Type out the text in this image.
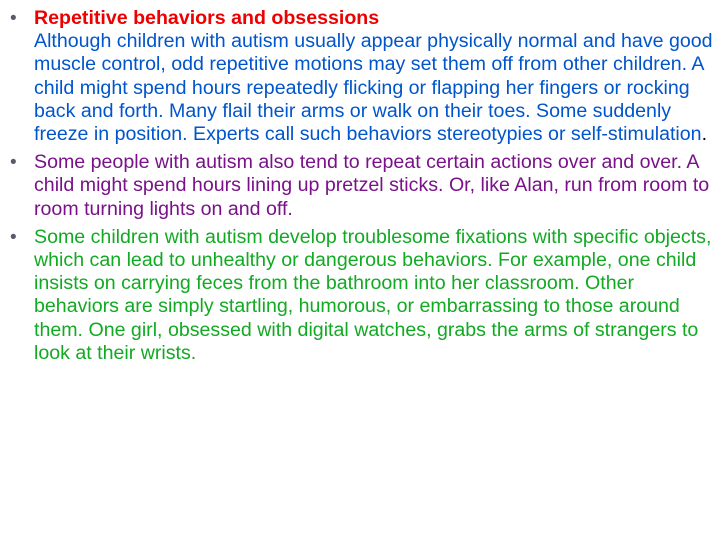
• Repetitive behaviors and obsessions
Although children with autism usually appear physically normal and have good muscle control, odd repetitive motions may set them off from other children. A child might spend hours repeatedly flicking or flapping her fingers or rocking back and forth. Many flail their arms or walk on their toes. Some suddenly freeze in position. Experts call such behaviors stereotypies or self-stimulation.
• Some people with autism also tend to repeat certain actions over and over. A child might spend hours lining up pretzel sticks. Or, like Alan, run from room to room turning lights on and off.
• Some children with autism develop troublesome fixations with specific objects, which can lead to unhealthy or dangerous behaviors. For example, one child insists on carrying feces from the bathroom into her classroom. Other behaviors are simply startling, humorous, or embarrassing to those around them. One girl, obsessed with digital watches, grabs the arms of strangers to look at their wrists.
